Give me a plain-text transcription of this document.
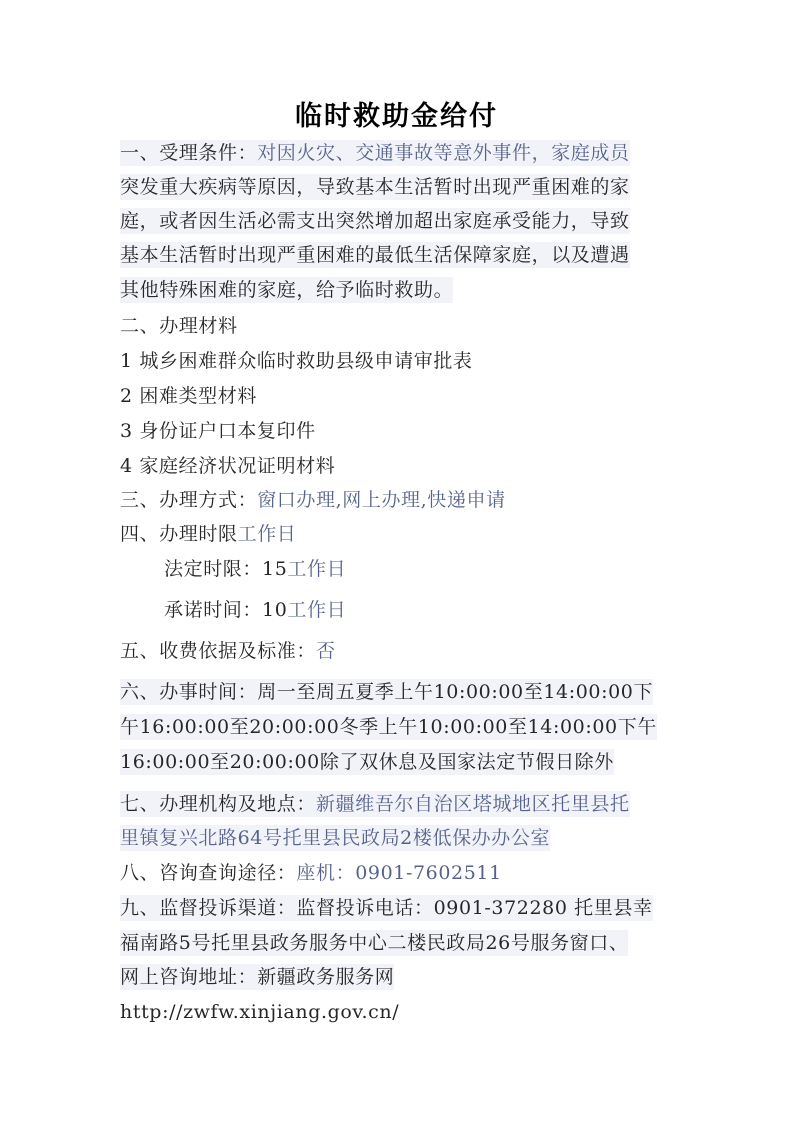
临时救助金给付
一、受理条件：对因火灾、交通事故等意外事件，家庭成员
突发重大疾病等原因，导致基本生活暂时出现严重困难的家
庭，或者因生活必需支出突然增加超出家庭承受能力，导致
基本生活暂时出现严重困难的最低生活保障家庭，以及遭遇
其他特殊困难的家庭，给予临时救助。
二、办理材料
1 城乡困难群众临时救助县级申请审批表
2 困难类型材料
3 身份证户口本复印件
4 家庭经济状况证明材料
三、办理方式：窗口办理,网上办理,快递申请
四、办理时限工作日
法定时限：15工作日
承诺时间：10工作日
五、收费依据及标准：否
六、办事时间：周一至周五夏季上午10:00:00至14:00:00下
午16:00:00至20:00:00冬季上午10:00:00至14:00:00下午
16:00:00至20:00:00除了双休息及国家法定节假日除外
七、办理机构及地点：新疆维吾尔自治区塔城地区托里县托
里镇复兴北路64号托里县民政局2楼低保办办公室
八、咨询查询途径：座机：0901-7602511
九、监督投诉渠道：监督投诉电话：0901-372280 托里县幸
福南路5号托里县政务服务中心二楼民政局26号服务窗口、
网上咨询地址：新疆政务服务网
http://zwfw.xinjiang.gov.cn/
